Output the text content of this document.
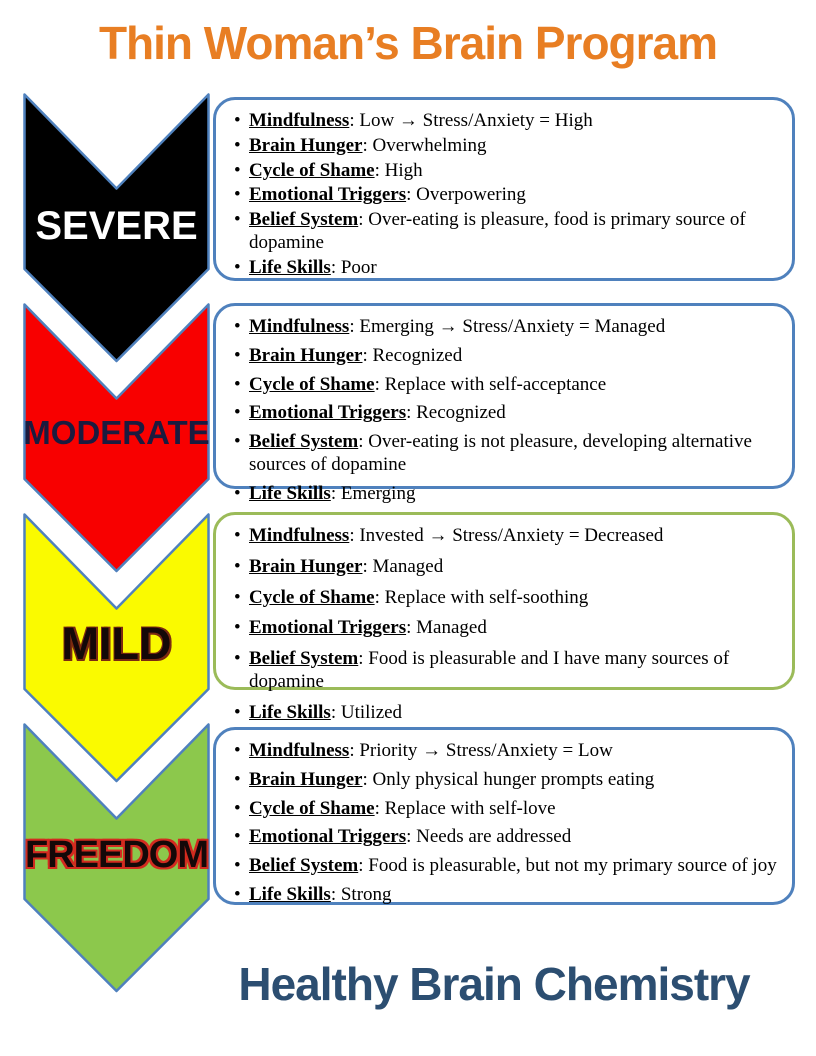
Thin Woman’s Brain Program
SEVERE
MODERATE
MILD
FREEDOM
• Mindfulness: Low → Stress/Anxiety = High
• Brain Hunger: Overwhelming
• Cycle of Shame: High
• Emotional Triggers: Overpowering
• Belief System: Over-eating is pleasure, food is primary source of dopamine
• Life Skills: Poor
• Mindfulness: Emerging → Stress/Anxiety = Managed
• Brain Hunger: Recognized
• Cycle of Shame: Replace with self-acceptance
• Emotional Triggers: Recognized
• Belief System: Over-eating is not pleasure, developing alternative sources of dopamine
• Life Skills: Emerging
• Mindfulness: Invested → Stress/Anxiety = Decreased
• Brain Hunger: Managed
• Cycle of Shame: Replace with self-soothing
• Emotional Triggers: Managed
• Belief System: Food is pleasurable and I have many sources of dopamine
• Life Skills: Utilized
• Mindfulness: Priority → Stress/Anxiety = Low
• Brain Hunger: Only physical hunger prompts eating
• Cycle of Shame: Replace with self-love
• Emotional Triggers: Needs are addressed
• Belief System: Food is pleasurable, but not my primary source of joy
• Life Skills: Strong
Healthy Brain Chemistry
